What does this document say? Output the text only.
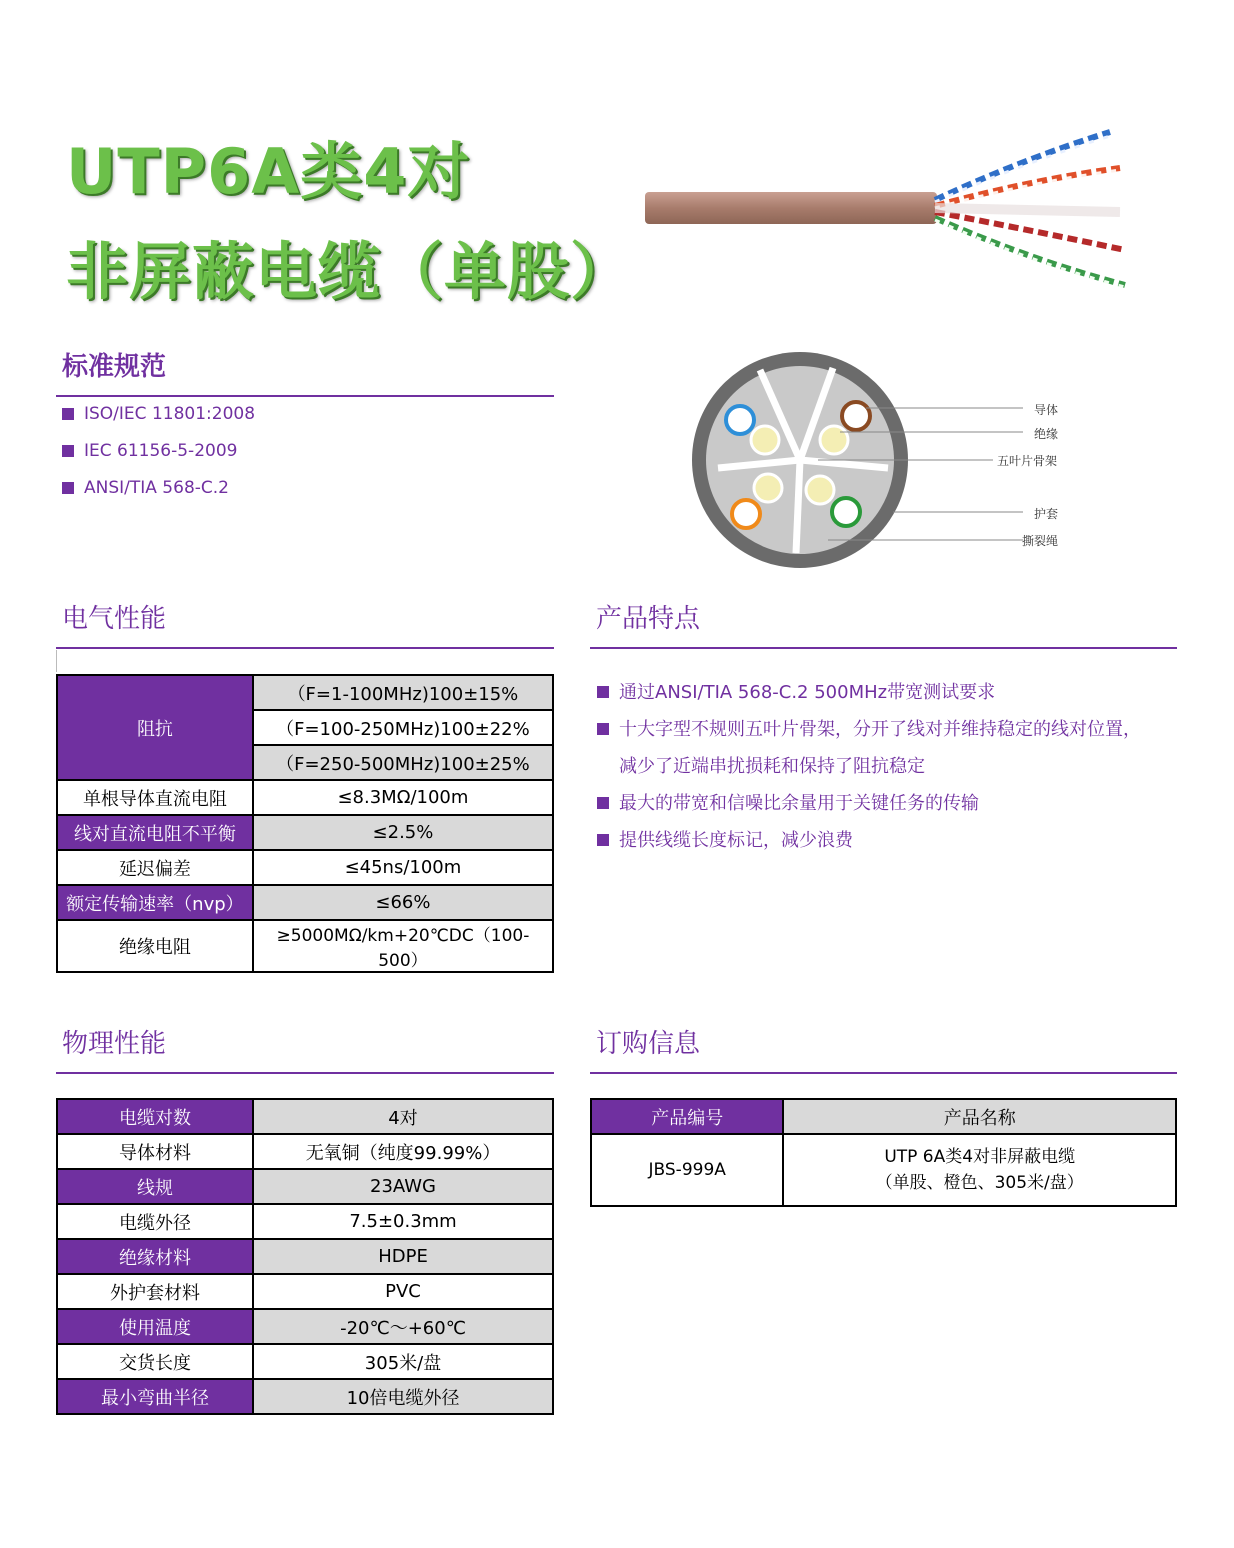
UTP6A类4对
非屏蔽电缆（单股）
标准规范
ISO/IEC 11801:2008
IEC 61156-5-2009
ANSI/TIA 568-C.2
导体
绝缘
五叶片骨架
护套
撕裂绳
电气性能
阻抗	（F=1-100MHz)100±15%
	（F=100-250MHz)100±22%
	（F=250-500MHz)100±25%
单根导体直流电阻	≤8.3MΩ/100m
线对直流电阻不平衡	≤2.5%
延迟偏差	≤45ns/100m
额定传输速率（nvp）	≤66%
绝缘电阻	≥5000MΩ/km+20℃DC（100-500）
产品特点
通过ANSI/TIA 568-C.2 500MHz带宽测试要求
十大字型不规则五叶片骨架，分开了线对并维持稳定的线对位置，
减少了近端串扰损耗和保持了阻抗稳定
最大的带宽和信噪比余量用于关键任务的传输
提供线缆长度标记，减少浪费
物理性能
电缆对数	4对
导体材料	无氧铜（纯度99.99%）
线规	23AWG
电缆外径	7.5±0.3mm
绝缘材料	HDPE
外护套材料	PVC
使用温度	-20℃～+60℃
交货长度	305米/盘
最小弯曲半径	10倍电缆外径
订购信息
产品编号	产品名称
JBS-999A	UTP 6A类4对非屏蔽电缆
（单股、橙色、305米/盘）
